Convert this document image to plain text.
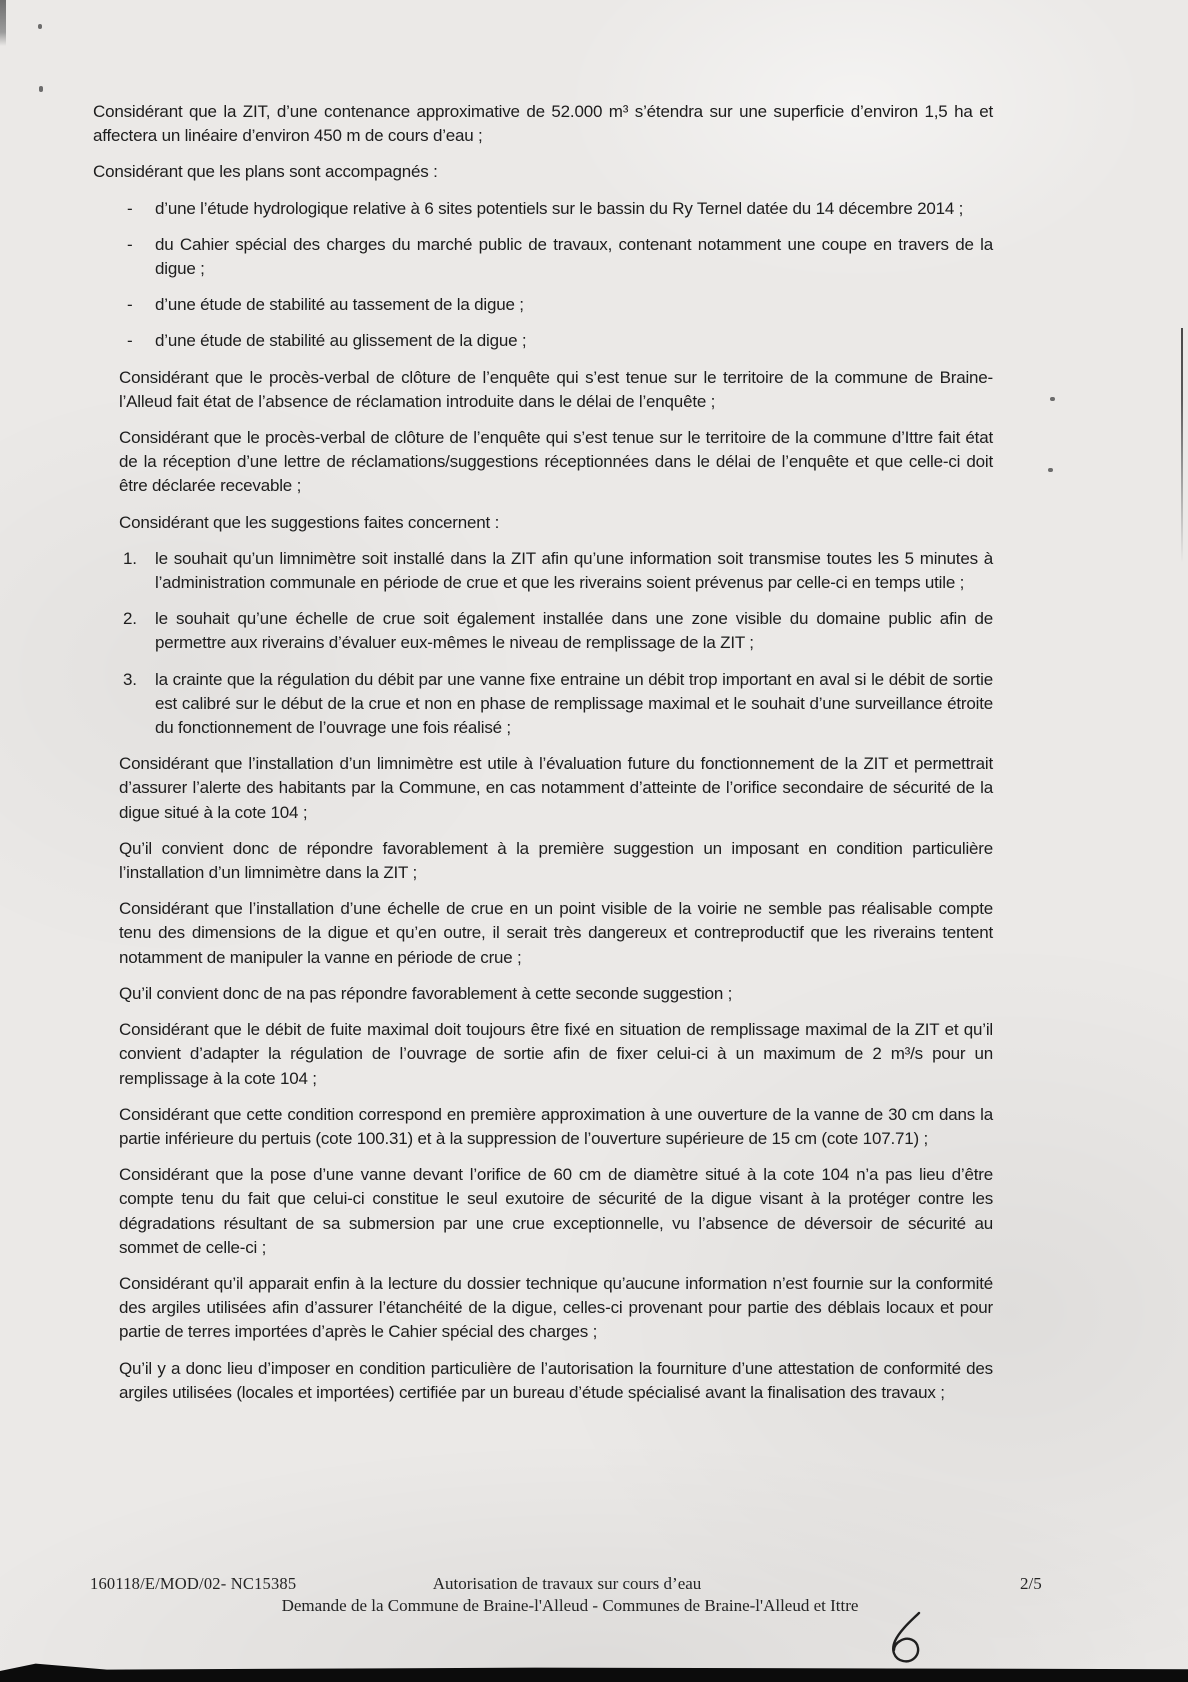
Considérant que la ZIT, d’une contenance approximative de 52.000 m³ s’étendra sur une superficie d’environ 1,5 ha et affectera un linéaire d’environ 450 m de cours d’eau ;

Considérant que les plans sont accompagnés :

-	d’une l’étude hydrologique relative à 6 sites potentiels sur le bassin du Ry Ternel datée du 14 décembre 2014 ;
-	du Cahier spécial des charges du marché public de travaux, contenant notamment une coupe en travers de la digue ;
-	d’une étude de stabilité au tassement de la digue ;
-	d’une étude de stabilité au glissement de la digue ;

Considérant que le procès-verbal de clôture de l’enquête qui s’est tenue sur le territoire de la commune de Braine-l’Alleud fait état de l’absence de réclamation introduite dans le délai de l’enquête ;

Considérant que le procès-verbal de clôture de l’enquête qui s’est tenue sur le territoire de la commune d’Ittre fait état de la réception d’une lettre de réclamations/suggestions réceptionnées dans le délai de l’enquête et que celle-ci doit être déclarée recevable ;

Considérant que les suggestions faites concernent :

1.	le souhait qu’un limnimètre soit installé dans la ZIT afin qu’une information soit transmise toutes les 5 minutes à l’administration communale en période de crue et que les riverains soient prévenus par celle-ci en temps utile ;
2.	le souhait qu’une échelle de crue soit également installée dans une zone visible du domaine public afin de permettre aux riverains d’évaluer eux-mêmes le niveau de remplissage de la ZIT ;
3.	la crainte que la régulation du débit par une vanne fixe entraine un débit trop important en aval si le débit de sortie est calibré sur le début de la crue et non en phase de remplissage maximal et le souhait d’une surveillance étroite du fonctionnement de l’ouvrage une fois réalisé ;

Considérant que l’installation d’un limnimètre est utile à l’évaluation future du fonctionnement de la ZIT et permettrait d’assurer l’alerte des habitants par la Commune, en cas notamment d’atteinte de l’orifice secondaire de sécurité de la digue situé à la cote 104 ;

Qu’il convient donc de répondre favorablement à la première suggestion un imposant en condition particulière l’installation d’un limnimètre dans la ZIT ;

Considérant que l’installation d’une échelle de crue en un point visible de la voirie ne semble pas réalisable compte tenu des dimensions de la digue et qu’en outre, il serait très dangereux et contreproductif que les riverains tentent notamment de manipuler la vanne en période de crue ;

Qu’il convient donc de na pas répondre favorablement à cette seconde suggestion ;

Considérant que le débit de fuite maximal doit toujours être fixé en situation de remplissage maximal de la ZIT et qu’il convient d’adapter la régulation de l’ouvrage de sortie afin de fixer celui-ci à un maximum de 2 m³/s pour un remplissage à la cote 104 ;

Considérant que cette condition correspond en première approximation à une ouverture de la vanne de 30 cm dans la partie inférieure du pertuis (cote 100.31) et à la suppression de l’ouverture supérieure de 15 cm (cote 107.71) ;

Considérant que la pose d’une vanne devant l’orifice de 60 cm de diamètre situé à la cote 104 n’a pas lieu d’être compte tenu du fait que celui-ci constitue le seul exutoire de sécurité de la digue visant à la protéger contre les dégradations résultant de sa submersion par une crue exceptionnelle, vu l’absence de déversoir de sécurité au sommet de celle-ci ;

Considérant qu’il apparait enfin à la lecture du dossier technique qu’aucune information n’est fournie sur la conformité des argiles utilisées afin d’assurer l’étanchéité de la digue, celles-ci provenant pour partie des déblais locaux et pour partie de terres importées d’après le Cahier spécial des charges ;

Qu’il y a donc lieu d’imposer en condition particulière de l’autorisation la fourniture d’une attestation de conformité des argiles utilisées (locales et importées) certifiée par un bureau d’étude spécialisé avant la finalisation des travaux ;

160118/E/MOD/02- NC15385	Autorisation de travaux sur cours d’eau	2/5
Demande de la Commune de Braine-l'Alleud - Communes de Braine-l'Alleud et Ittre
